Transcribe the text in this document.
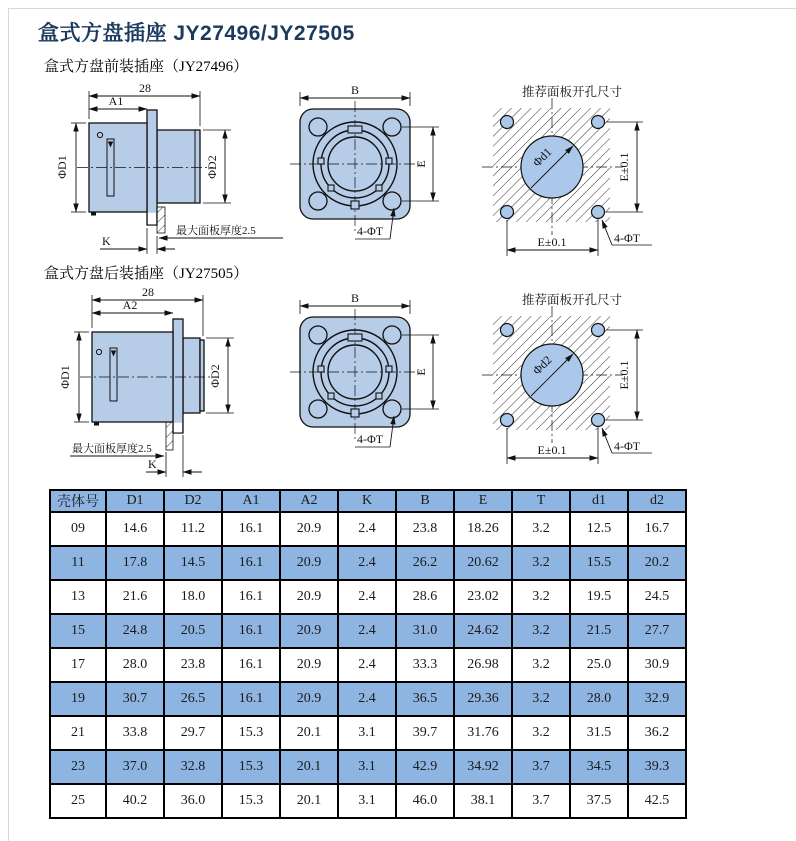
盒式方盘插座 JY27496/JY27505
盒式方盘前装插座（JY27496）
盒式方盘后装插座（JY27505）
28
A1
ΦD1	ΦD2
K
最大面板厚度2.5
B
E
4-ΦT
推荐面板开孔尺寸
Φd1	E±0.1
E±0.1	4-ΦT
28
A2
ΦD1	ΦD2
最大面板厚度2.5
K
B
E
4-ΦT
推荐面板开孔尺寸
Φd2	E±0.1
E±0.1	4-ΦT
壳体号	D1	D2	A1	A2	K	B	E	T	d1	d2
09	14.6	11.2	16.1	20.9	2.4	23.8	18.26	3.2	12.5	16.7
11	17.8	14.5	16.1	20.9	2.4	26.2	20.62	3.2	15.5	20.2
13	21.6	18.0	16.1	20.9	2.4	28.6	23.02	3.2	19.5	24.5
15	24.8	20.5	16.1	20.9	2.4	31.0	24.62	3.2	21.5	27.7
17	28.0	23.8	16.1	20.9	2.4	33.3	26.98	3.2	25.0	30.9
19	30.7	26.5	16.1	20.9	2.4	36.5	29.36	3.2	28.0	32.9
21	33.8	29.7	15.3	20.1	3.1	39.7	31.76	3.2	31.5	36.2
23	37.0	32.8	15.3	20.1	3.1	42.9	34.92	3.7	34.5	39.3
25	40.2	36.0	15.3	20.1	3.1	46.0	38.1	3.7	37.5	42.5
